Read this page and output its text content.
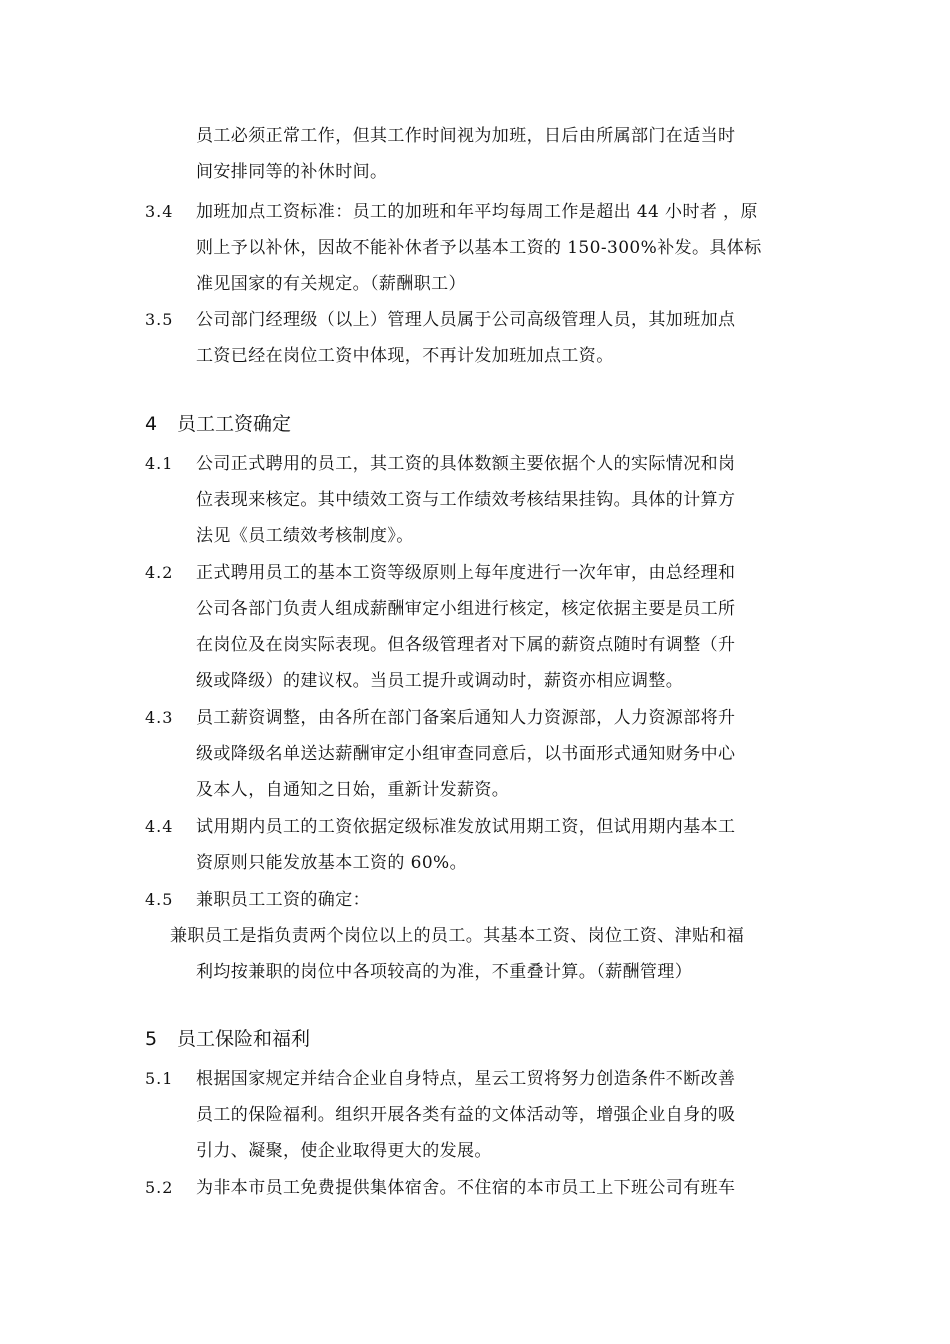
员工必须正常工作，但其工作时间视为加班，日后由所属部门在适当时
间安排同等的补休时间。
3.4 加班加点工资标准：员工的加班和年平均每周工作是超出 44 小时者 ，原
则上予以补休，因故不能补休者予以基本工资的 150-300%补发。具体标
准见国家的有关规定。（薪酬职工）
3.5 公司部门经理级（以上）管理人员属于公司高级管理人员，其加班加点
工资已经在岗位工资中体现，不再计发加班加点工资。
4 员工工资确定
4.1 公司正式聘用的员工，其工资的具体数额主要依据个人的实际情况和岗
位表现来核定。其中绩效工资与工作绩效考核结果挂钩。具体的计算方
法见《员工绩效考核制度》。
4.2 正式聘用员工的基本工资等级原则上每年度进行一次年审，由总经理和
公司各部门负责人组成薪酬审定小组进行核定，核定依据主要是员工所
在岗位及在岗实际表现。但各级管理者对下属的薪资点随时有调整（升
级或降级）的建议权。当员工提升或调动时，薪资亦相应调整。
4.3 员工薪资调整，由各所在部门备案后通知人力资源部，人力资源部将升
级或降级名单送达薪酬审定小组审查同意后，以书面形式通知财务中心
及本人，自通知之日始，重新计发薪资。
4.4 试用期内员工的工资依据定级标准发放试用期工资，但试用期内基本工
资原则只能发放基本工资的 60%。
4.5 兼职员工工资的确定：
兼职员工是指负责两个岗位以上的员工。其基本工资、岗位工资、津贴和福
利均按兼职的岗位中各项较高的为准，不重叠计算。（薪酬管理）
5 员工保险和福利
5.1 根据国家规定并结合企业自身特点，星云工贸将努力创造条件不断改善
员工的保险福利。组织开展各类有益的文体活动等，增强企业自身的吸
引力、凝聚，使企业取得更大的发展。
5.2 为非本市员工免费提供集体宿舍。不住宿的本市员工上下班公司有班车
